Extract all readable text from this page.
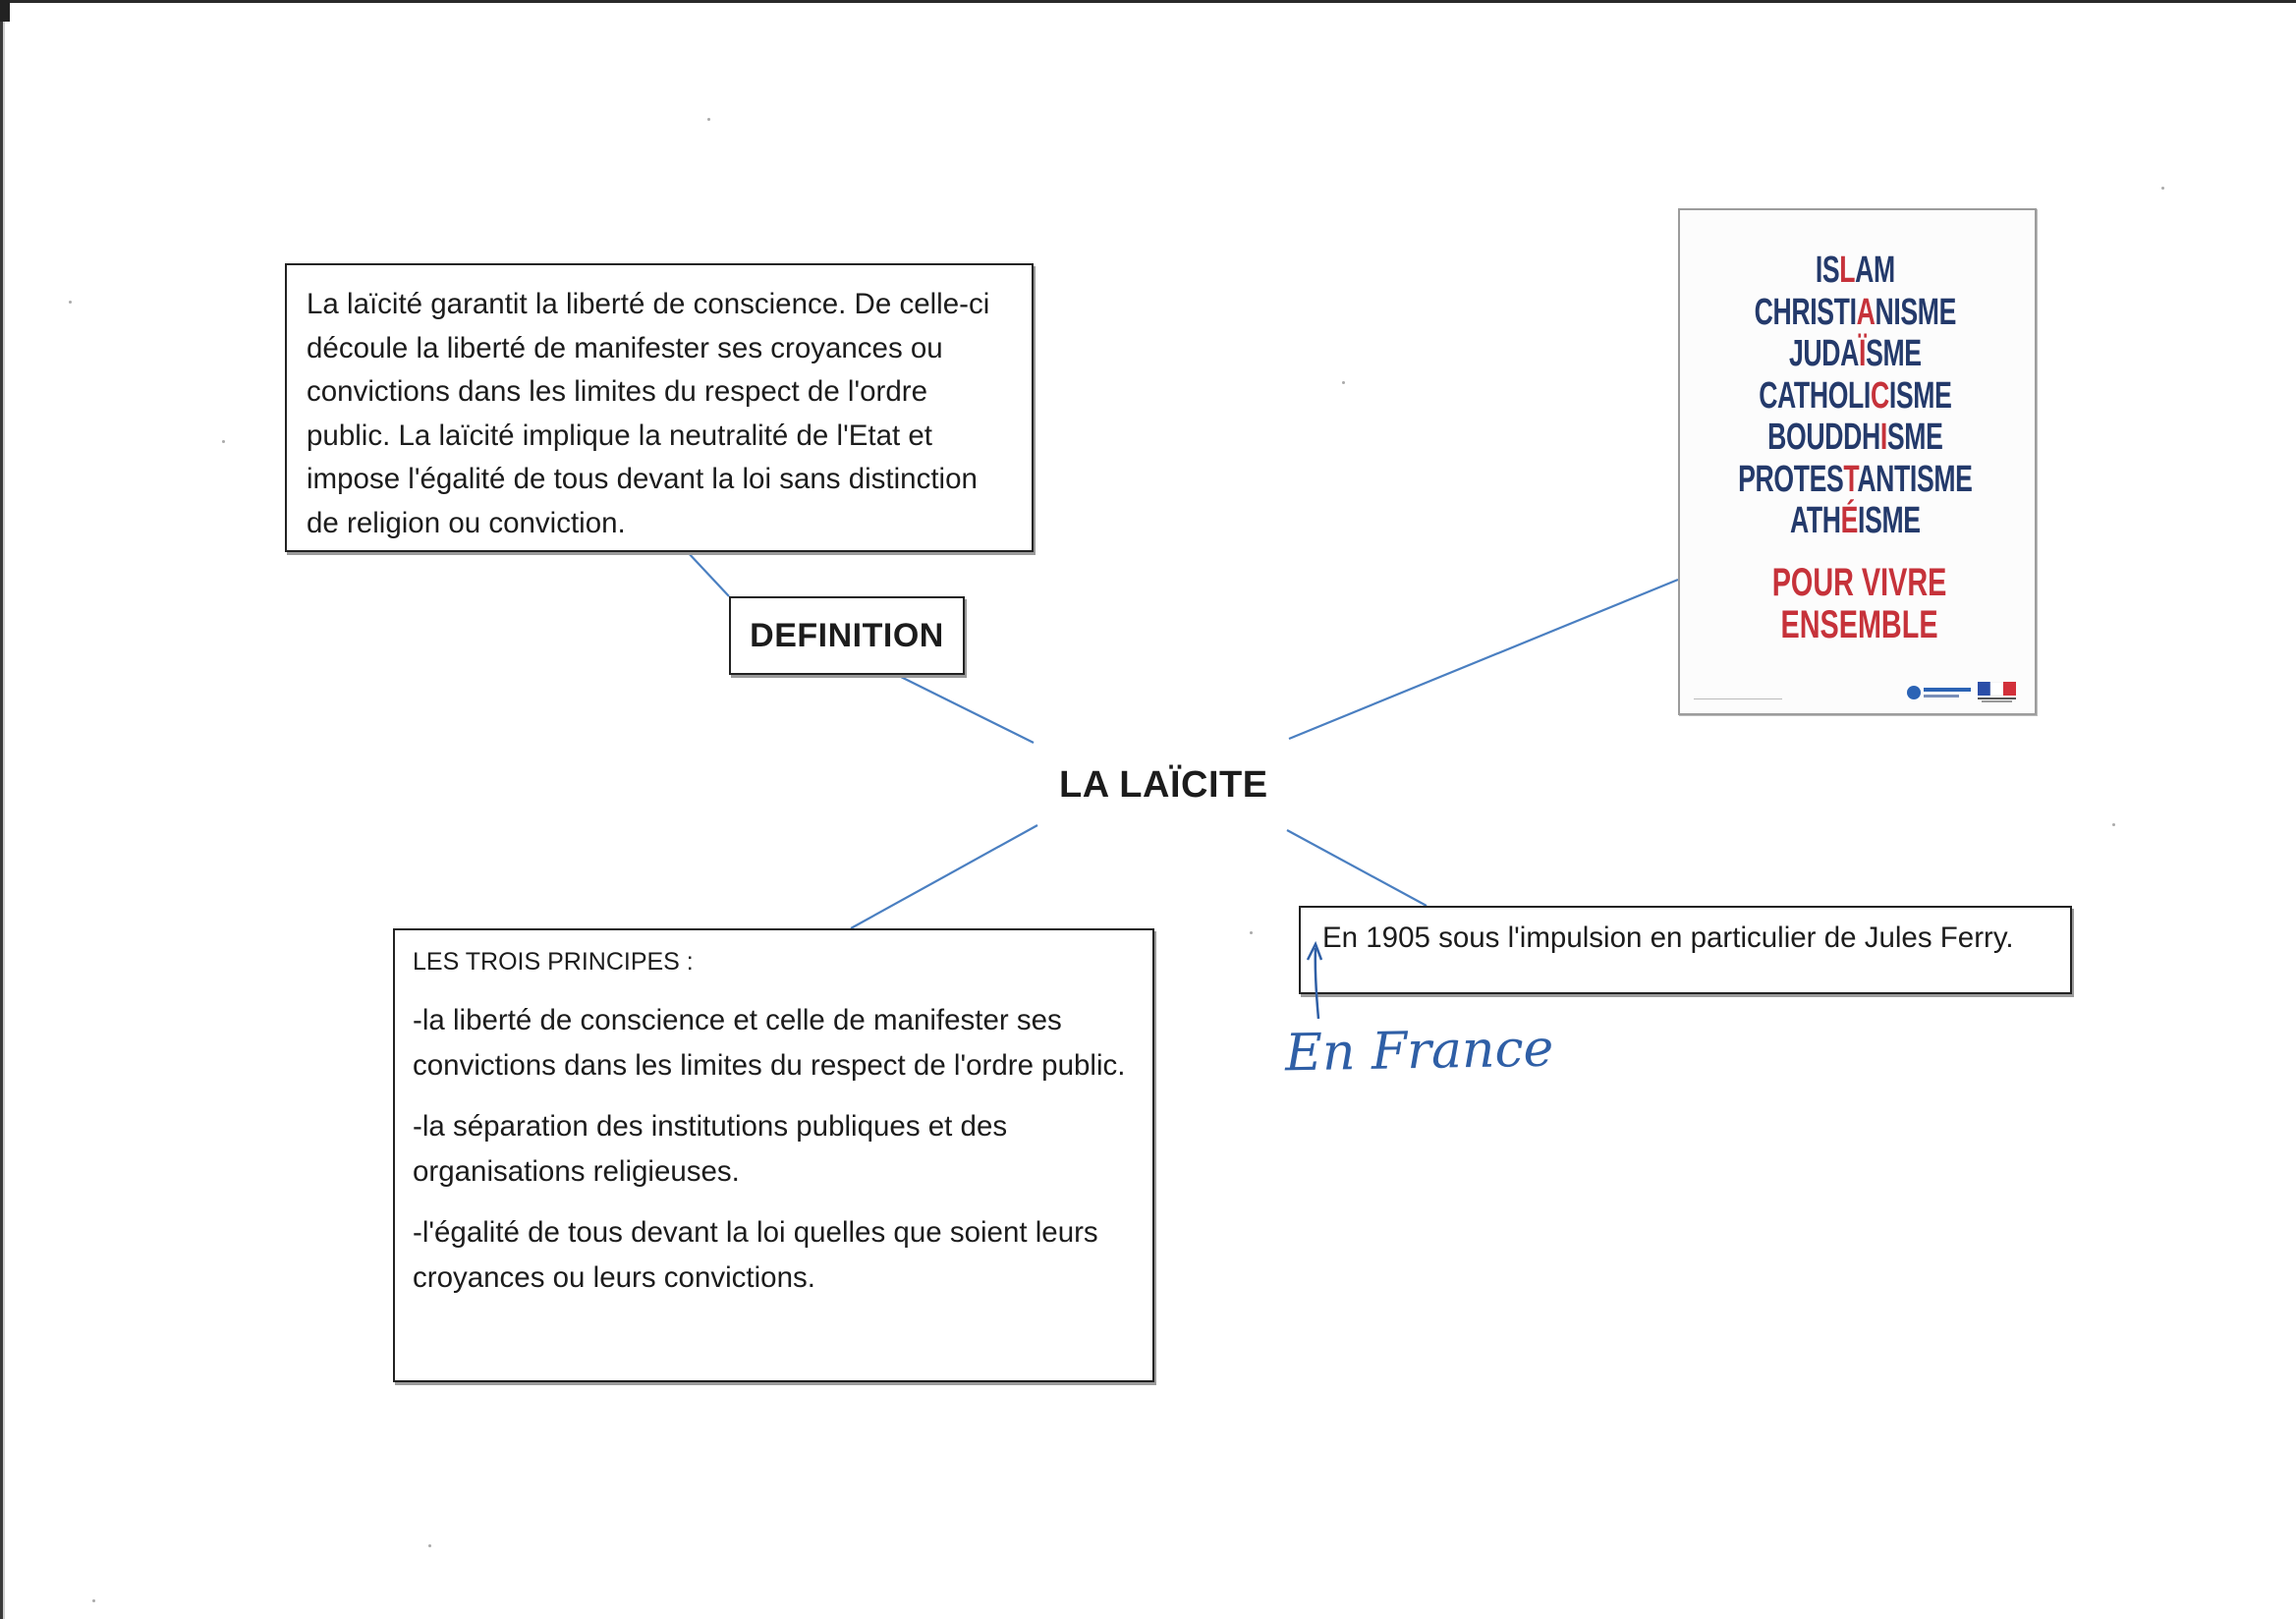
La laïcité garantit la liberté de conscience. De celle-ci découle la liberté de manifester ses croyances ou convictions dans les limites du respect de l'ordre public. La laïcité implique la neutralité de l'Etat et impose l'égalité de tous devant la loi sans distinction de religion ou conviction.

DEFINITION
LA LAÏCITE

LES TROIS PRINCIPES :

-la liberté de conscience et celle de manifester ses convictions dans les limites du respect de l'ordre public.

-la séparation des institutions publiques et des organisations religieuses.

-l'égalité de tous devant la loi quelles que soient leurs croyances ou leurs convictions.

En 1905 sous l'impulsion en particulier de Jules Ferry.
En France
ISLAM
CHRISTIANISME
JUDAÏSME
CATHOLICISME
BOUDDHISME
PROTESTANTISME
ATHÉISME
POUR VIVRE
ENSEMBLE
